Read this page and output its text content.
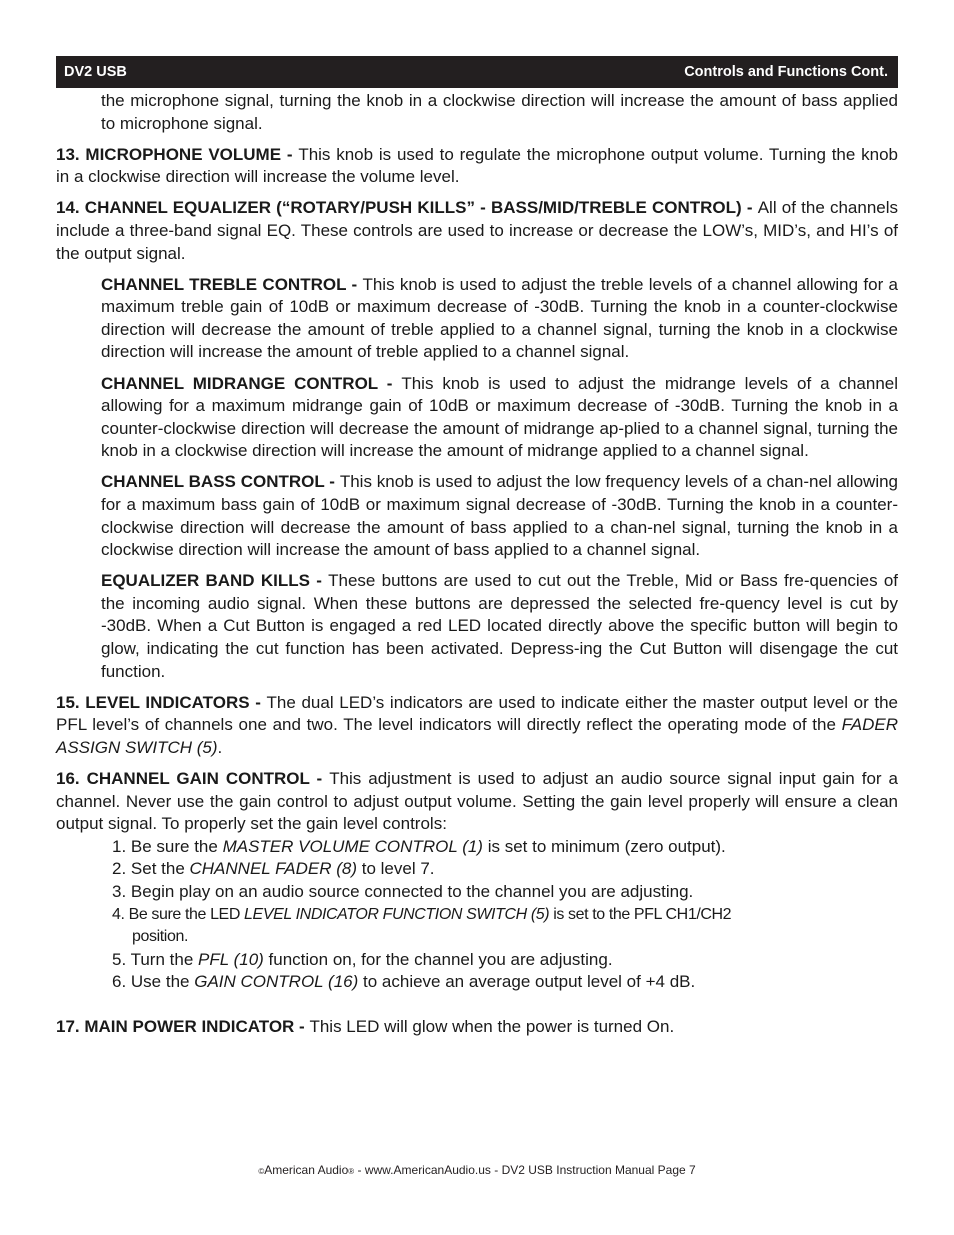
DV2 USB	Controls and Functions Cont.

the microphone signal, turning the knob in a clockwise direction will increase the amount of bass applied to microphone signal.

13. MICROPHONE VOLUME - This knob is used to regulate the microphone output volume. Turning the knob in a clockwise direction will increase the volume level.

14. CHANNEL EQUALIZER (“ROTARY/PUSH KILLS” - BASS/MID/TREBLE CONTROL) - All of the channels include a three-band signal EQ. These controls are used to increase or decrease the LOW’s, MID’s, and HI’s of the output signal.

CHANNEL TREBLE CONTROL - This knob is used to adjust the treble levels of a channel allowing for a maximum treble gain of 10dB or maximum decrease of -30dB. Turning the knob in a counter-clockwise direction will decrease the amount of treble applied to a channel signal, turning the knob in a clockwise direction will increase the amount of treble applied to a channel signal.

CHANNEL MIDRANGE CONTROL - This knob is used to adjust the midrange levels of a channel allowing for a maximum midrange gain of 10dB or maximum decrease of -30dB. Turning the knob in a counter-clockwise direction will decrease the amount of midrange ap-plied to a channel signal, turning the knob in a clockwise direction will increase the amount of midrange applied to a channel signal.

CHANNEL BASS CONTROL - This knob is used to adjust the low frequency levels of a chan-nel allowing for a maximum bass gain of 10dB or maximum signal decrease of -30dB. Turning the knob in a counter-clockwise direction will decrease the amount of bass applied to a chan-nel signal, turning the knob in a clockwise direction will increase the amount of bass applied to a channel signal.

EQUALIZER BAND KILLS - These buttons are used to cut out the Treble, Mid or Bass fre-quencies of the incoming audio signal. When these buttons are depressed the selected fre-quency level is cut by -30dB. When a Cut Button is engaged a red LED located directly above the specific button will begin to glow, indicating the cut function has been activated. Depress-ing the Cut Button will disengage the cut function.

15. LEVEL INDICATORS - The dual LED’s indicators are used to indicate either the master output level or the PFL level’s of channels one and two. The level indicators will directly reflect the operating mode of the FADER ASSIGN SWITCH (5).

16. CHANNEL GAIN CONTROL - This adjustment is used to adjust an audio source signal input gain for a channel. Never use the gain control to adjust output volume. Setting the gain level properly will ensure a clean output signal. To properly set the gain level controls:

1. Be sure the MASTER VOLUME CONTROL (1) is set to minimum (zero output).
2. Set the CHANNEL FADER (8) to level 7.
3. Begin play on an audio source connected to the channel you are adjusting.
4. Be sure the LED LEVEL INDICATOR FUNCTION SWITCH (5) is set to the PFL CH1/CH2
position.
5. Turn the PFL (10) function on, for the channel you are adjusting.
6. Use the GAIN CONTROL (16) to achieve an average output level of +4 dB.

17. MAIN POWER INDICATOR - This LED will glow when the power is turned On.

©American Audio® - www.AmericanAudio.us - DV2 USB Instruction Manual Page 7
